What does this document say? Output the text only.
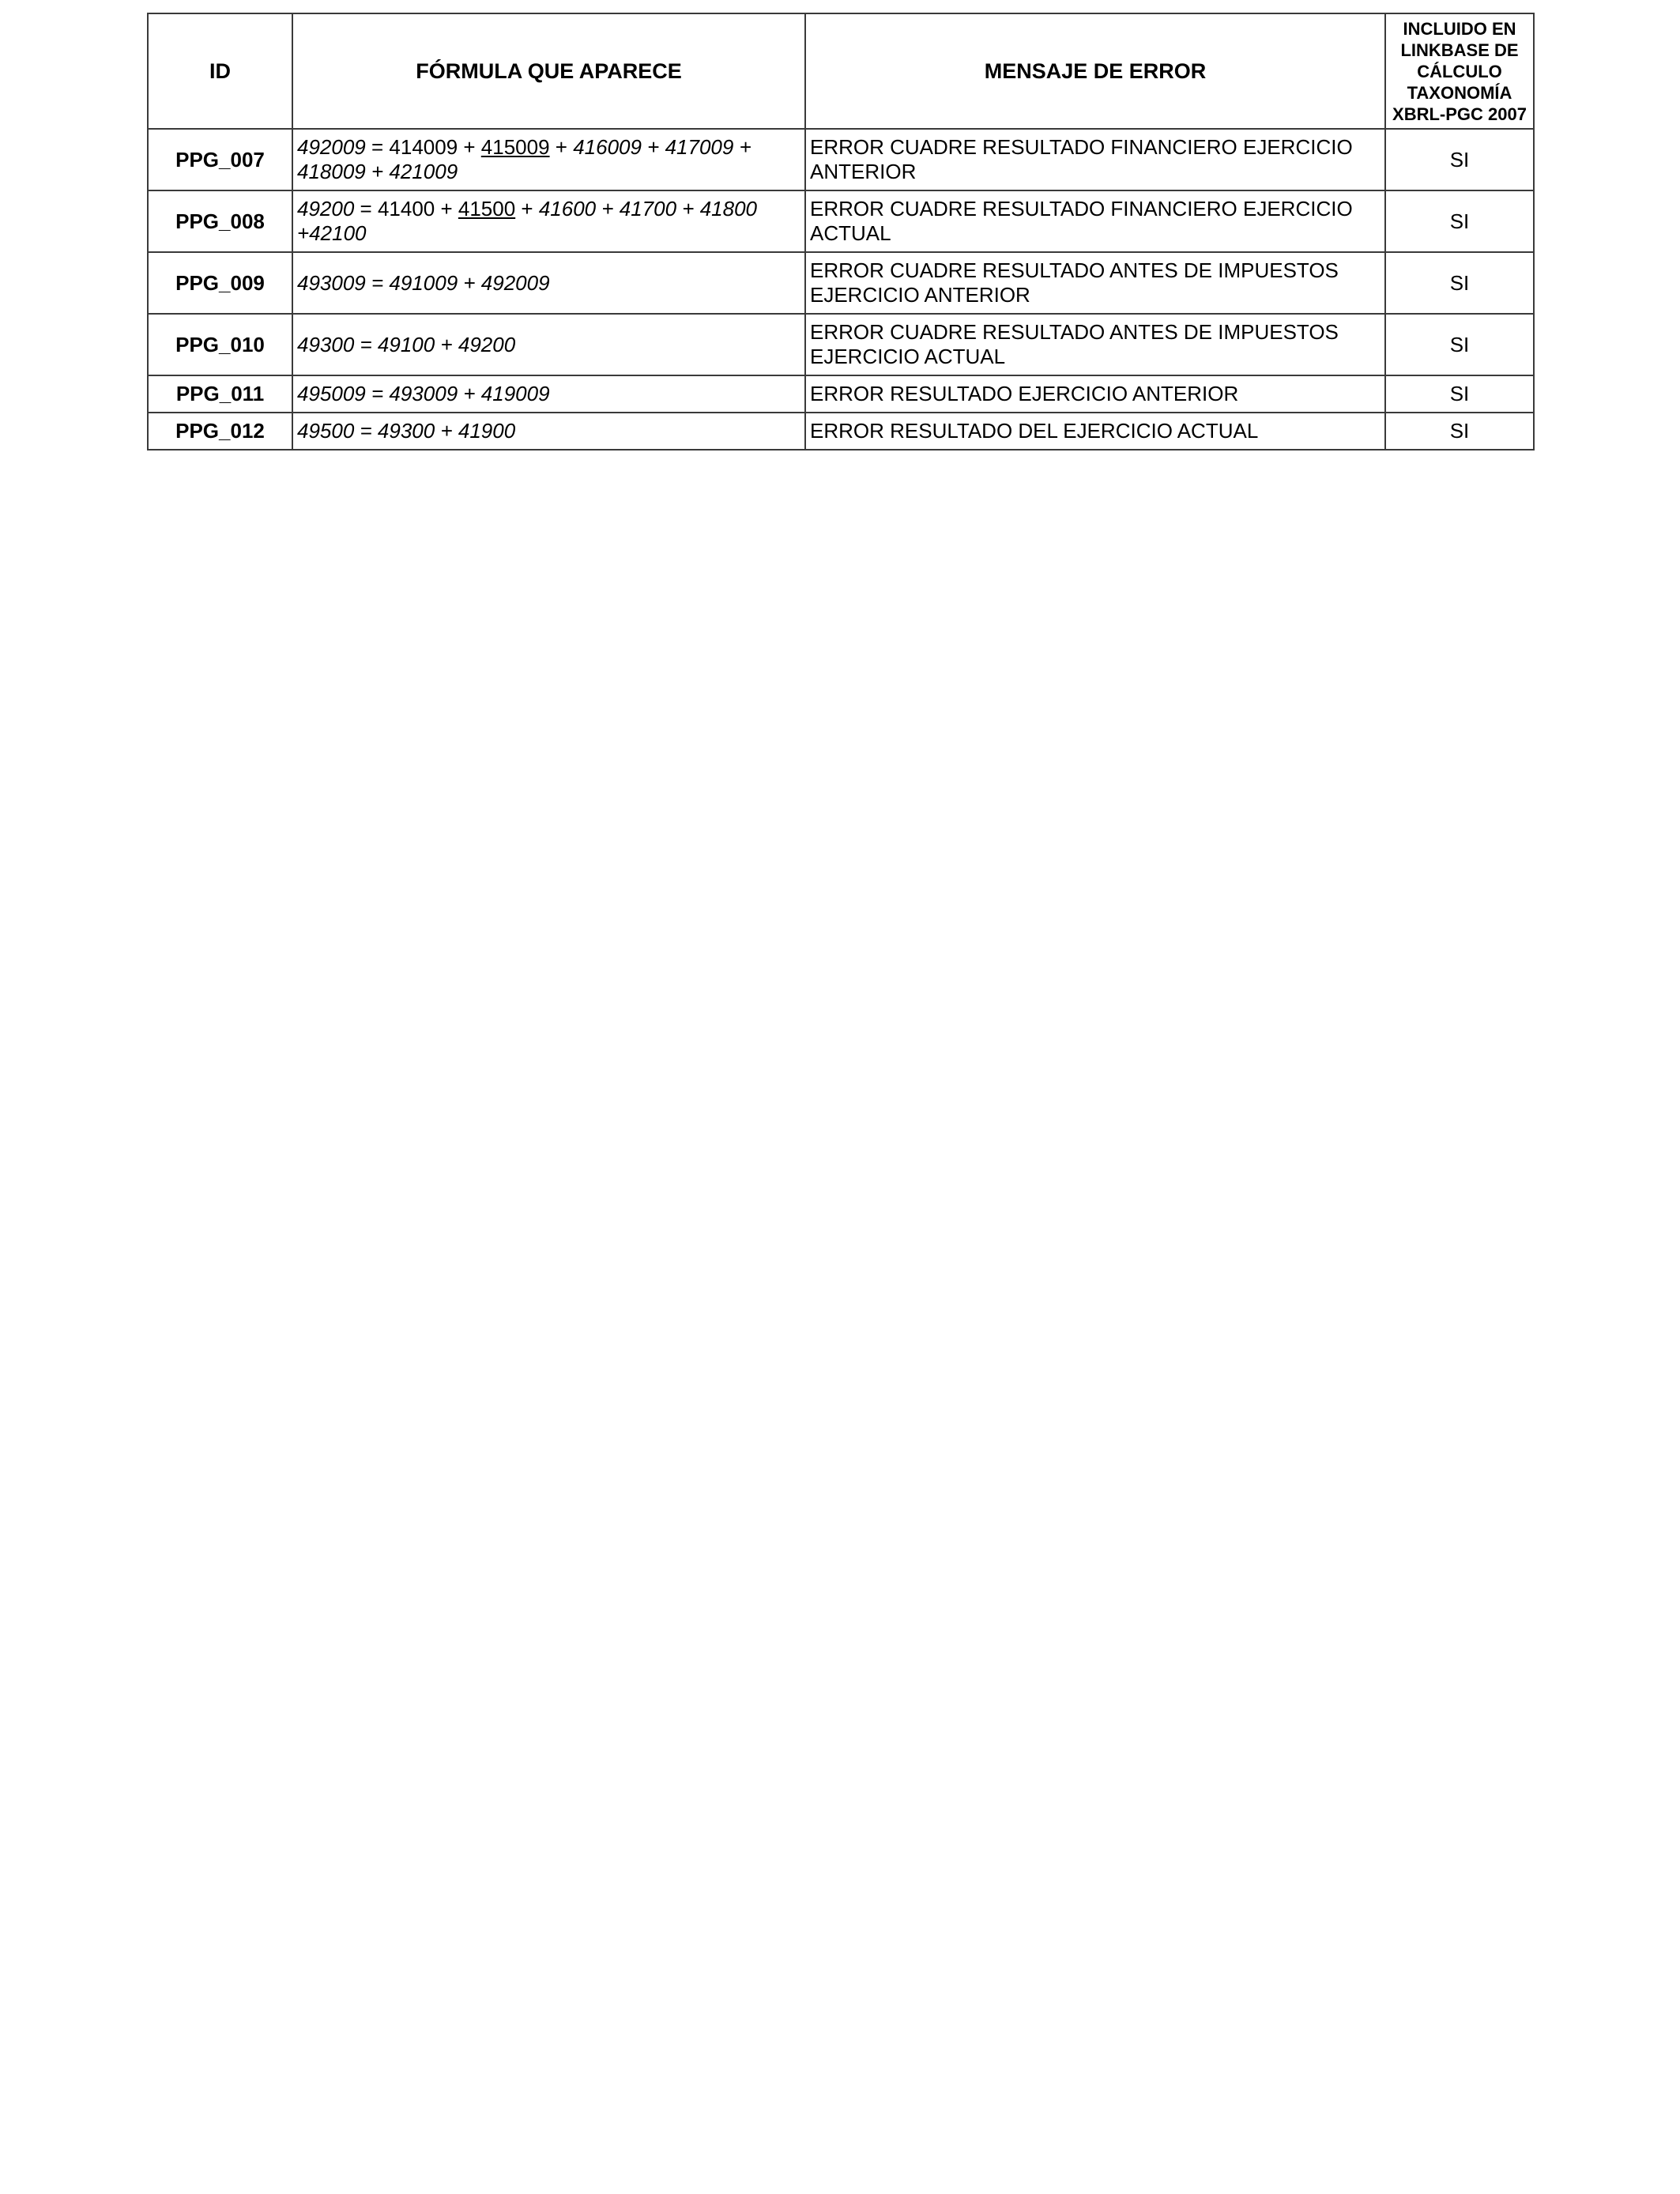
ID	FÓRMULA QUE APARECE	MENSAJE DE ERROR	INCLUIDO EN
LINKBASE DE
CÁLCULO
TAXONOMÍA
XBRL-PGC 2007

PPG_007	492009 = 414009 + 415009 + 416009 + 417009 + 418009 + 421009	ERROR CUADRE RESULTADO FINANCIERO EJERCICIO ANTERIOR	SI
PPG_008	49200 = 41400 + 41500 + 41600 + 41700 + 41800 +42100	ERROR CUADRE RESULTADO FINANCIERO EJERCICIO ACTUAL	SI
PPG_009	493009 = 491009 + 492009	ERROR CUADRE RESULTADO ANTES DE IMPUESTOS EJERCICIO ANTERIOR	SI
PPG_010	49300 = 49100 + 49200	ERROR CUADRE RESULTADO ANTES DE IMPUESTOS EJERCICIO ACTUAL	SI
PPG_011	495009 = 493009 + 419009	ERROR RESULTADO EJERCICIO ANTERIOR	SI
PPG_012	49500 = 49300 + 41900	ERROR RESULTADO DEL EJERCICIO ACTUAL	SI
